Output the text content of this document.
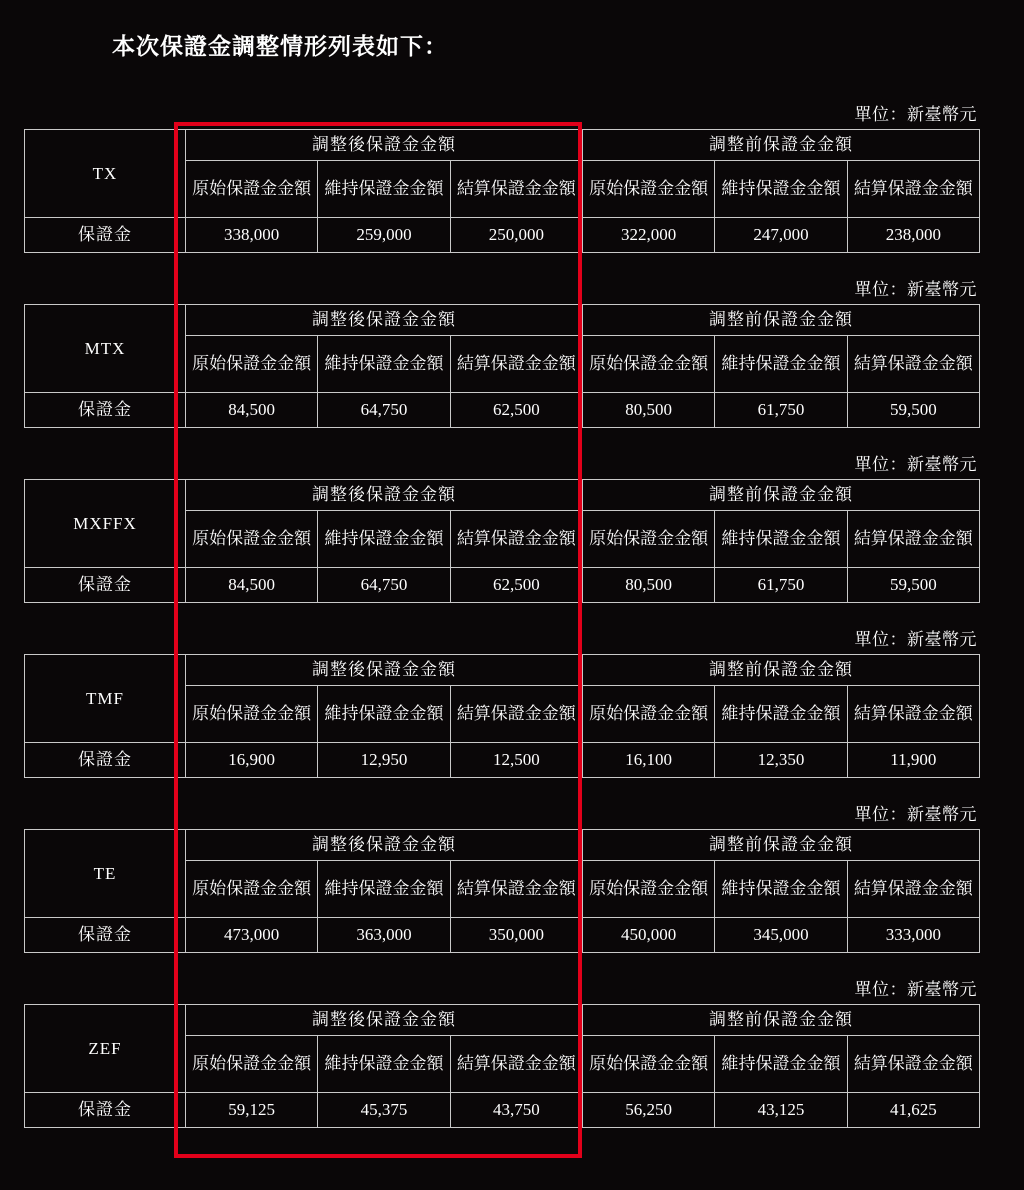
本次保證金調整情形列表如下：
單位：新臺幣元
TX	調整後保證金金額			調整前保證金金額		
	原始保證金金額	維持保證金金額	結算保證金金額	原始保證金金額	維持保證金金額	結算保證金金額
保證金	338,000	259,000	250,000	322,000	247,000	238,000
單位：新臺幣元
MTX	調整後保證金金額			調整前保證金金額		
	原始保證金金額	維持保證金金額	結算保證金金額	原始保證金金額	維持保證金金額	結算保證金金額
保證金	84,500	64,750	62,500	80,500	61,750	59,500
單位：新臺幣元
MXFFX	調整後保證金金額			調整前保證金金額		
	原始保證金金額	維持保證金金額	結算保證金金額	原始保證金金額	維持保證金金額	結算保證金金額
保證金	84,500	64,750	62,500	80,500	61,750	59,500
單位：新臺幣元
TMF	調整後保證金金額			調整前保證金金額		
	原始保證金金額	維持保證金金額	結算保證金金額	原始保證金金額	維持保證金金額	結算保證金金額
保證金	16,900	12,950	12,500	16,100	12,350	11,900
單位：新臺幣元
TE	調整後保證金金額			調整前保證金金額		
	原始保證金金額	維持保證金金額	結算保證金金額	原始保證金金額	維持保證金金額	結算保證金金額
保證金	473,000	363,000	350,000	450,000	345,000	333,000
單位：新臺幣元
ZEF	調整後保證金金額			調整前保證金金額		
	原始保證金金額	維持保證金金額	結算保證金金額	原始保證金金額	維持保證金金額	結算保證金金額
保證金	59,125	45,375	43,750	56,250	43,125	41,625
